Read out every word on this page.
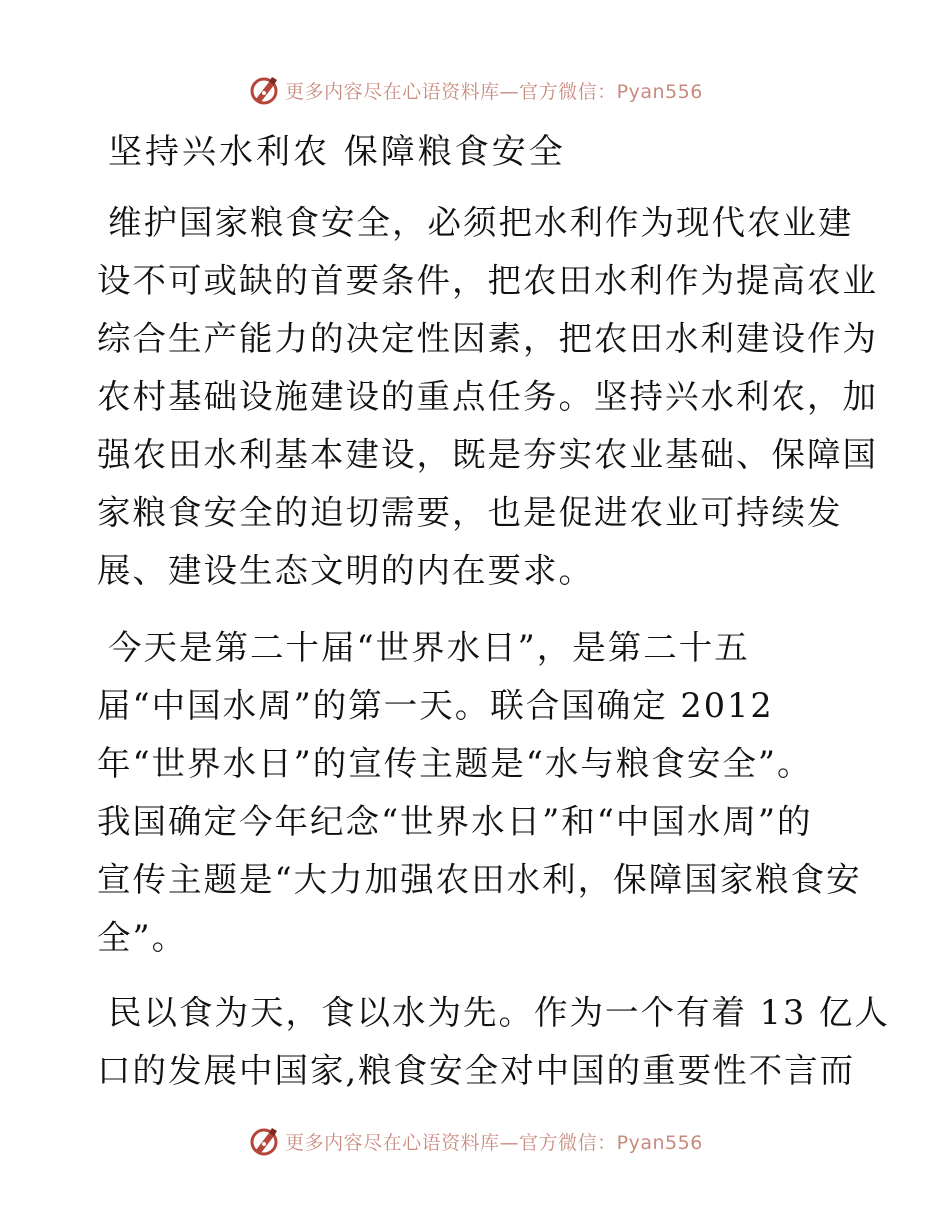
更多内容尽在心语资料库—官方微信：Pyan556
坚持兴水利农 保障粮食安全
维护国家粮食安全，必须把水利作为现代农业建
设不可或缺的首要条件，把农田水利作为提高农业
综合生产能力的决定性因素，把农田水利建设作为
农村基础设施建设的重点任务。坚持兴水利农，加
强农田水利基本建设，既是夯实农业基础、保障国
家粮食安全的迫切需要，也是促进农业可持续发
展、建设生态文明的内在要求。
今天是第二十届“世界水日”，是第二十五
届“中国水周”的第一天。联合国确定 2012
年“世界水日”的宣传主题是“水与粮食安全”。
我国确定今年纪念“世界水日”和“中国水周”的
宣传主题是“大力加强农田水利，保障国家粮食安
全”。
民以食为天，食以水为先。作为一个有着 13 亿人
口的发展中国家,粮食安全对中国的重要性不言而
更多内容尽在心语资料库—官方微信：Pyan556
